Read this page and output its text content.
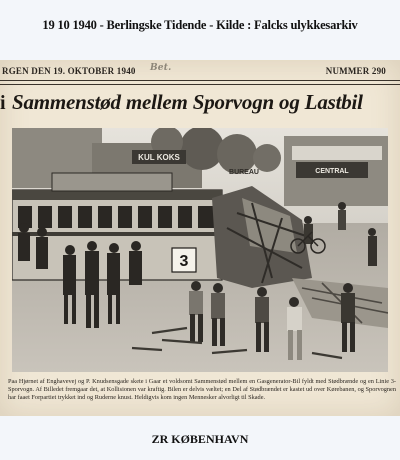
19 10 1940 - Berlingske Tidende - Kilde : Falcks ulykkesarkiv
RGEN DEN 19. OKTOBER 1940 Bet.	NUMMER 290
i Sammenstød mellem Sporvogn og Lastbil
KUL KOKS
CENTRAL
BUREAU
3
Paa Hjørnet af Enghavevej og P. Knudsensgade skete i Gaar et voldsomt Sammenstød mellem en Gasgenerator-Bil fyldt med Stødbrænde og en Linie 3-Sporvogn. Af Billedet fremgaar det, at Kollisionen var kraftig. Bilen er delvis væltet; en Del af Stødbrændet er kastet ud over Kørebanen, og Sporvognen har faaet Forpartiet trykket ind og Ruderne knust. Heldigvis kom ingen Mennesker alvorligt til Skade.
ZR KØBENHAVN
